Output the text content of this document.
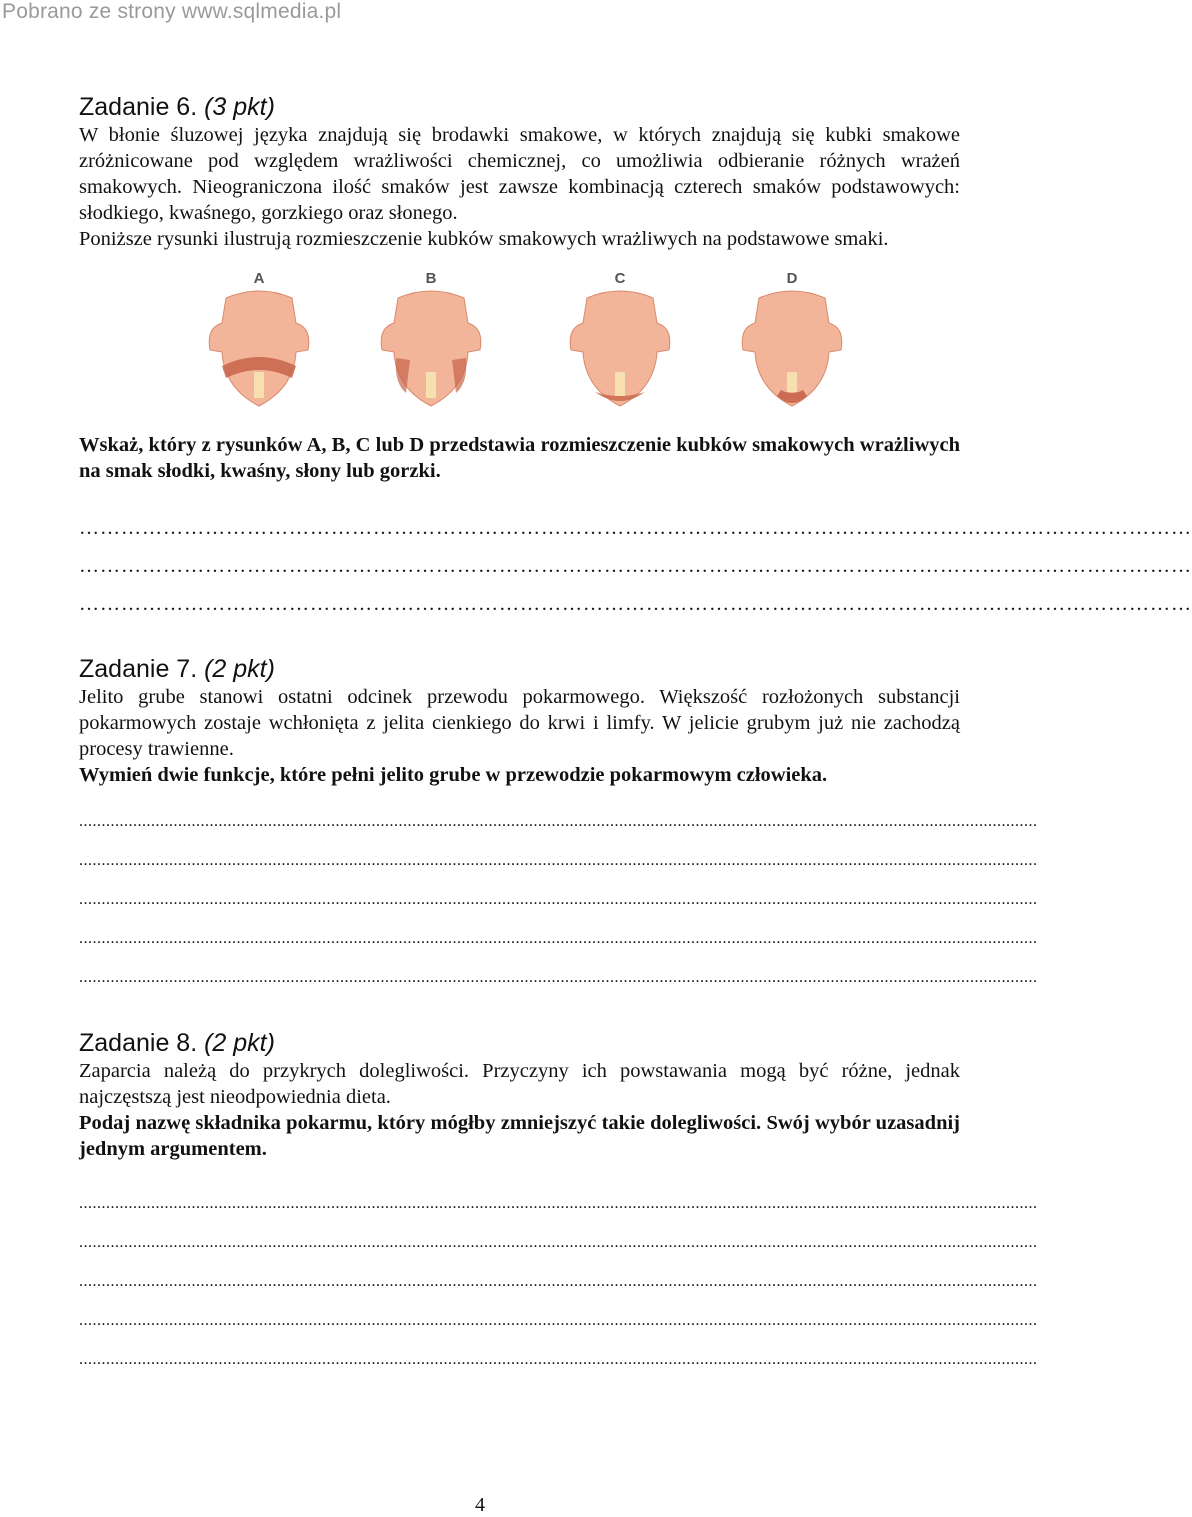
Pobrano ze strony www.sqlmedia.pl
Zadanie 6. (3 pkt)

W błonie śluzowej języka znajdują się brodawki smakowe, w których znajdują się kubki smakowe zróżnicowane pod względem wrażliwości chemicznej, co umożliwia odbieranie różnych wrażeń smakowych. Nieograniczona ilość smaków jest zawsze kombinacją czterech smaków podstawowych: słodkiego, kwaśnego, gorzkiego oraz słonego.

Poniższe rysunki ilustrują rozmieszczenie kubków smakowych wrażliwych na podstawowe smaki.

A	B	C	D

Wskaż, który z rysunków A, B, C lub D przedstawia rozmieszczenie kubków smakowych wrażliwych na smak słodki, kwaśny, słony lub gorzki.

……………………………………………………………………………………………………………………………………………
……………………………………………………………………………………………………………………………………………
……………………………………………………………………………………………………………………………………………
Zadanie 7. (2 pkt)

Jelito grube stanowi ostatni odcinek przewodu pokarmowego. Większość rozłożonych substancji pokarmowych zostaje wchłonięta z jelita cienkiego do krwi i limfy. W jelicie grubym już nie zachodzą procesy trawienne.

Wymień dwie funkcje, które pełni jelito grube w przewodzie pokarmowym człowieka.

.....................................................................................................................................................................................................................
.....................................................................................................................................................................................................................
.....................................................................................................................................................................................................................
.....................................................................................................................................................................................................................
.....................................................................................................................................................................................................................
Zadanie 8. (2 pkt)

Zaparcia należą do przykrych dolegliwości. Przyczyny ich powstawania mogą być różne, jednak najczęstszą jest nieodpowiednia dieta.

Podaj nazwę składnika pokarmu, który mógłby zmniejszyć takie dolegliwości. Swój wybór uzasadnij jednym argumentem.

.....................................................................................................................................................................................................................
.....................................................................................................................................................................................................................
.....................................................................................................................................................................................................................
.....................................................................................................................................................................................................................
.....................................................................................................................................................................................................................
4
